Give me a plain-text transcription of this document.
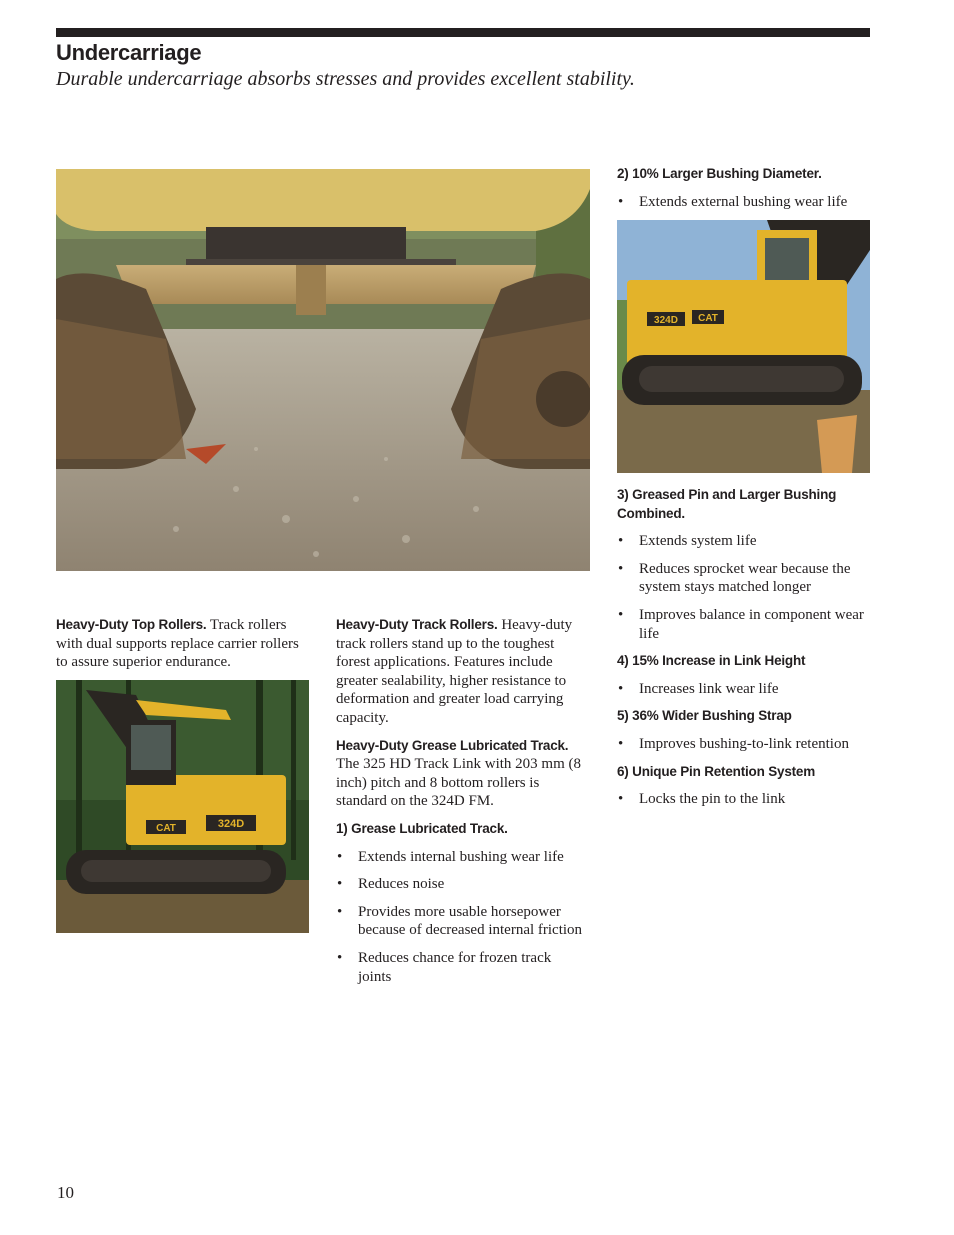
Undercarriage
Durable undercarriage absorbs stresses and provides excellent stability.

Heavy-Duty Top Rollers. Track rollers with dual supports replace carrier rollers to assure superior endurance.

324D
CAT

Heavy-Duty Track Rollers. Heavy-duty track rollers stand up to the toughest forest applications. Features include greater sealability, higher resistance to deformation and greater load carrying capacity.

Heavy-Duty Grease Lubricated Track. The 325 HD Track Link with 203 mm (8 inch) pitch and 8 bottom rollers is standard on the 324D FM.

1) Grease Lubricated Track.
• Extends internal bushing wear life
• Reduces noise
• Provides more usable horsepower because of decreased internal friction
• Reduces chance for frozen track joints
2) 10% Larger Bushing Diameter.
• Extends external bushing wear life
324D CAT
3) Greased Pin and Larger Bushing Combined.
• Extends system life
• Reduces sprocket wear because the system stays matched longer
• Improves balance in component wear life
4) 15% Increase in Link Height
• Increases link wear life
5) 36% Wider Bushing Strap
• Improves bushing-to-link retention
6) Unique Pin Retention System
• Locks the pin to the link
10
